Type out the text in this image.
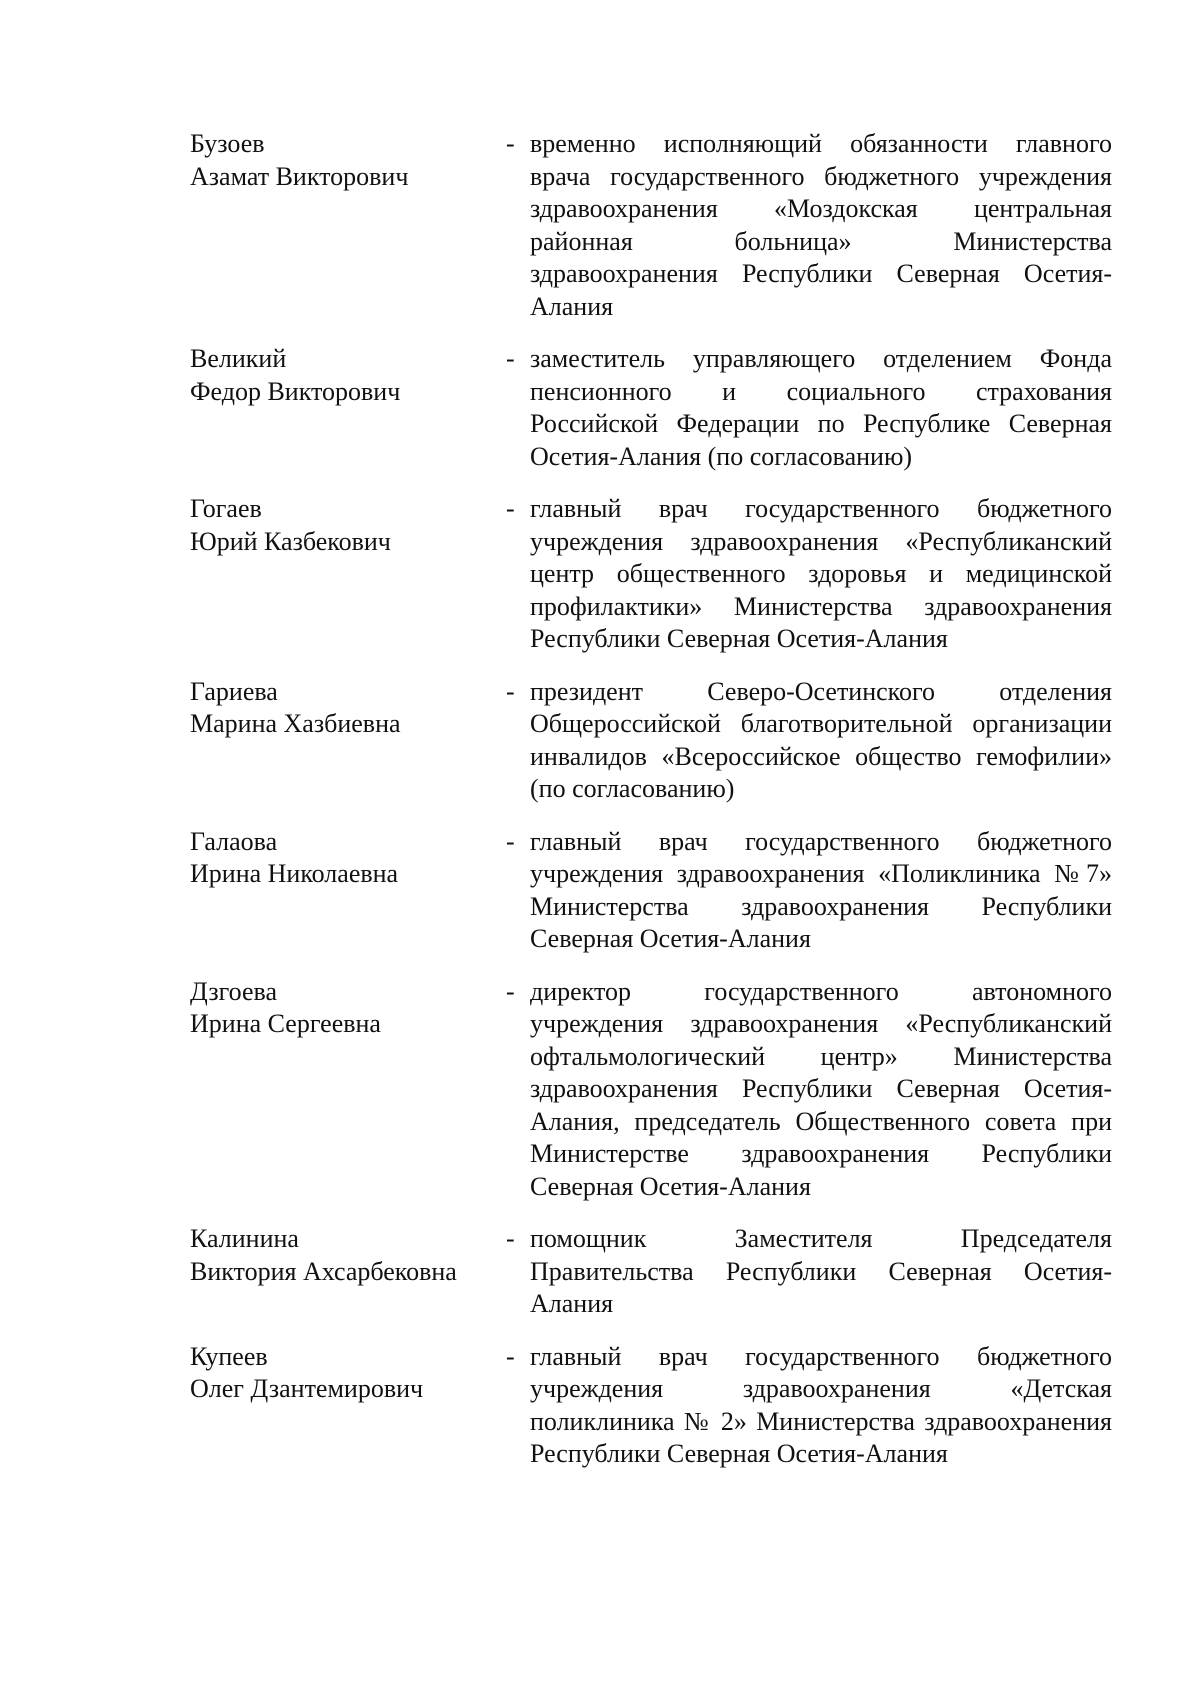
Бузоев
Азамат Викторович
- временно исполняющий обязанности главного врача государственного бюджетного учреждения здравоохранения «Моздокская центральная районная больница» Министерства здравоохранения Республики Северная Осетия-Алания
Великий
Федор Викторович
- заместитель управляющего отделением Фонда пенсионного и социального страхования Российской Федерации по Республике Северная Осетия-Алания (по согласованию)
Гогаев
Юрий Казбекович
- главный врач государственного бюджетного учреждения здравоохранения «Республиканский центр общественного здоровья и медицинской профилактики» Министерства здравоохранения Республики Северная Осетия-Алания
Гариева
Марина Хазбиевна
- президент Северо-Осетинского отделения Общероссийской благотворительной организации инвалидов «Всероссийское общество гемофилии» (по согласованию)
Галаова
Ирина Николаевна
- главный врач государственного бюджетного учреждения здравоохранения «Поликлиника №7» Министерства здравоохранения Республики Северная Осетия-Алания
Дзгоева
Ирина Сергеевна
- директор государственного автономного учреждения здравоохранения «Республиканский офтальмологический центр» Министерства здравоохранения Республики Северная Осетия-Алания, председатель Общественного совета при Министерстве здравоохранения Республики Северная Осетия-Алания
Калинина
Виктория Ахсарбековна
- помощник Заместителя Председателя Правительства Республики Северная Осетия-Алания
Купеев
Олег Дзантемирович
- главный врач государственного бюджетного учреждения здравоохранения «Детская поликлиника № 2» Министерства здравоохранения Республики Северная Осетия-Алания
